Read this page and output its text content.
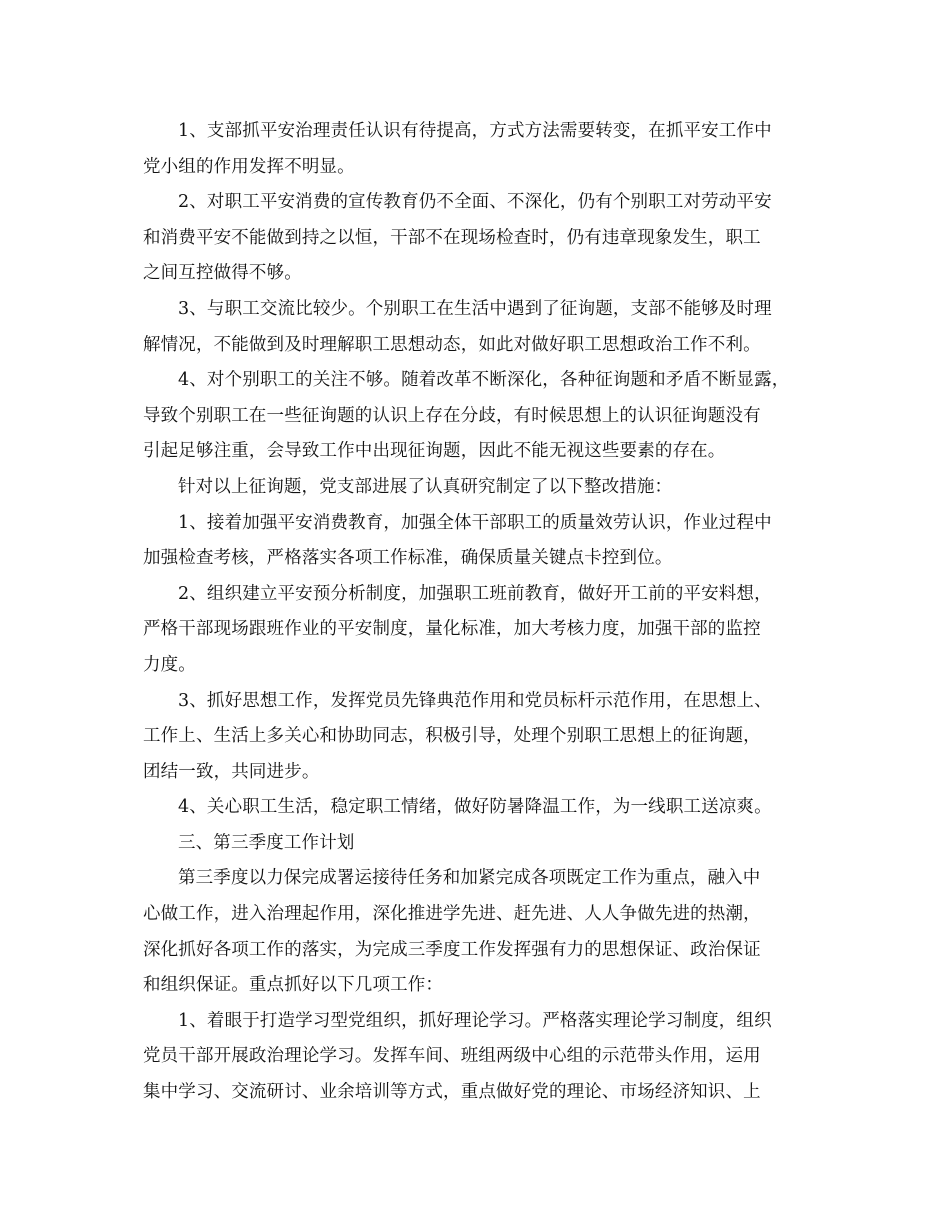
1、支部抓平安治理责任认识有待提高，方式方法需要转变，在抓平安工作中
党小组的作用发挥不明显。

2、对职工平安消费的宣传教育仍不全面、不深化，仍有个别职工对劳动平安
和消费平安不能做到持之以恒，干部不在现场检查时，仍有违章现象发生，职工
之间互控做得不够。

3、与职工交流比较少。个别职工在生活中遇到了征询题，支部不能够及时理
解情况，不能做到及时理解职工思想动态，如此对做好职工思想政治工作不利。

4、对个别职工的关注不够。随着改革不断深化，各种征询题和矛盾不断显露，
导致个别职工在一些征询题的认识上存在分歧，有时候思想上的认识征询题没有
引起足够注重，会导致工作中出现征询题，因此不能无视这些要素的存在。

针对以上征询题，党支部进展了认真研究制定了以下整改措施：

1、接着加强平安消费教育，加强全体干部职工的质量效劳认识，作业过程中
加强检查考核，严格落实各项工作标准，确保质量关键点卡控到位。

2、组织建立平安预分析制度，加强职工班前教育，做好开工前的平安料想，
严格干部现场跟班作业的平安制度，量化标准，加大考核力度，加强干部的监控
力度。

3、抓好思想工作，发挥党员先锋典范作用和党员标杆示范作用，在思想上、
工作上、生活上多关心和协助同志，积极引导，处理个别职工思想上的征询题，
团结一致，共同进步。

4、关心职工生活，稳定职工情绪，做好防暑降温工作，为一线职工送凉爽。

三、第三季度工作计划

第三季度以力保完成署运接待任务和加紧完成各项既定工作为重点，融入中
心做工作，进入治理起作用，深化推进学先进、赶先进、人人争做先进的热潮，
深化抓好各项工作的落实，为完成三季度工作发挥强有力的思想保证、政治保证
和组织保证。重点抓好以下几项工作：

1、着眼于打造学习型党组织，抓好理论学习。严格落实理论学习制度，组织
党员干部开展政治理论学习。发挥车间、班组两级中心组的示范带头作用，运用
集中学习、交流研讨、业余培训等方式，重点做好党的理论、市场经济知识、上
